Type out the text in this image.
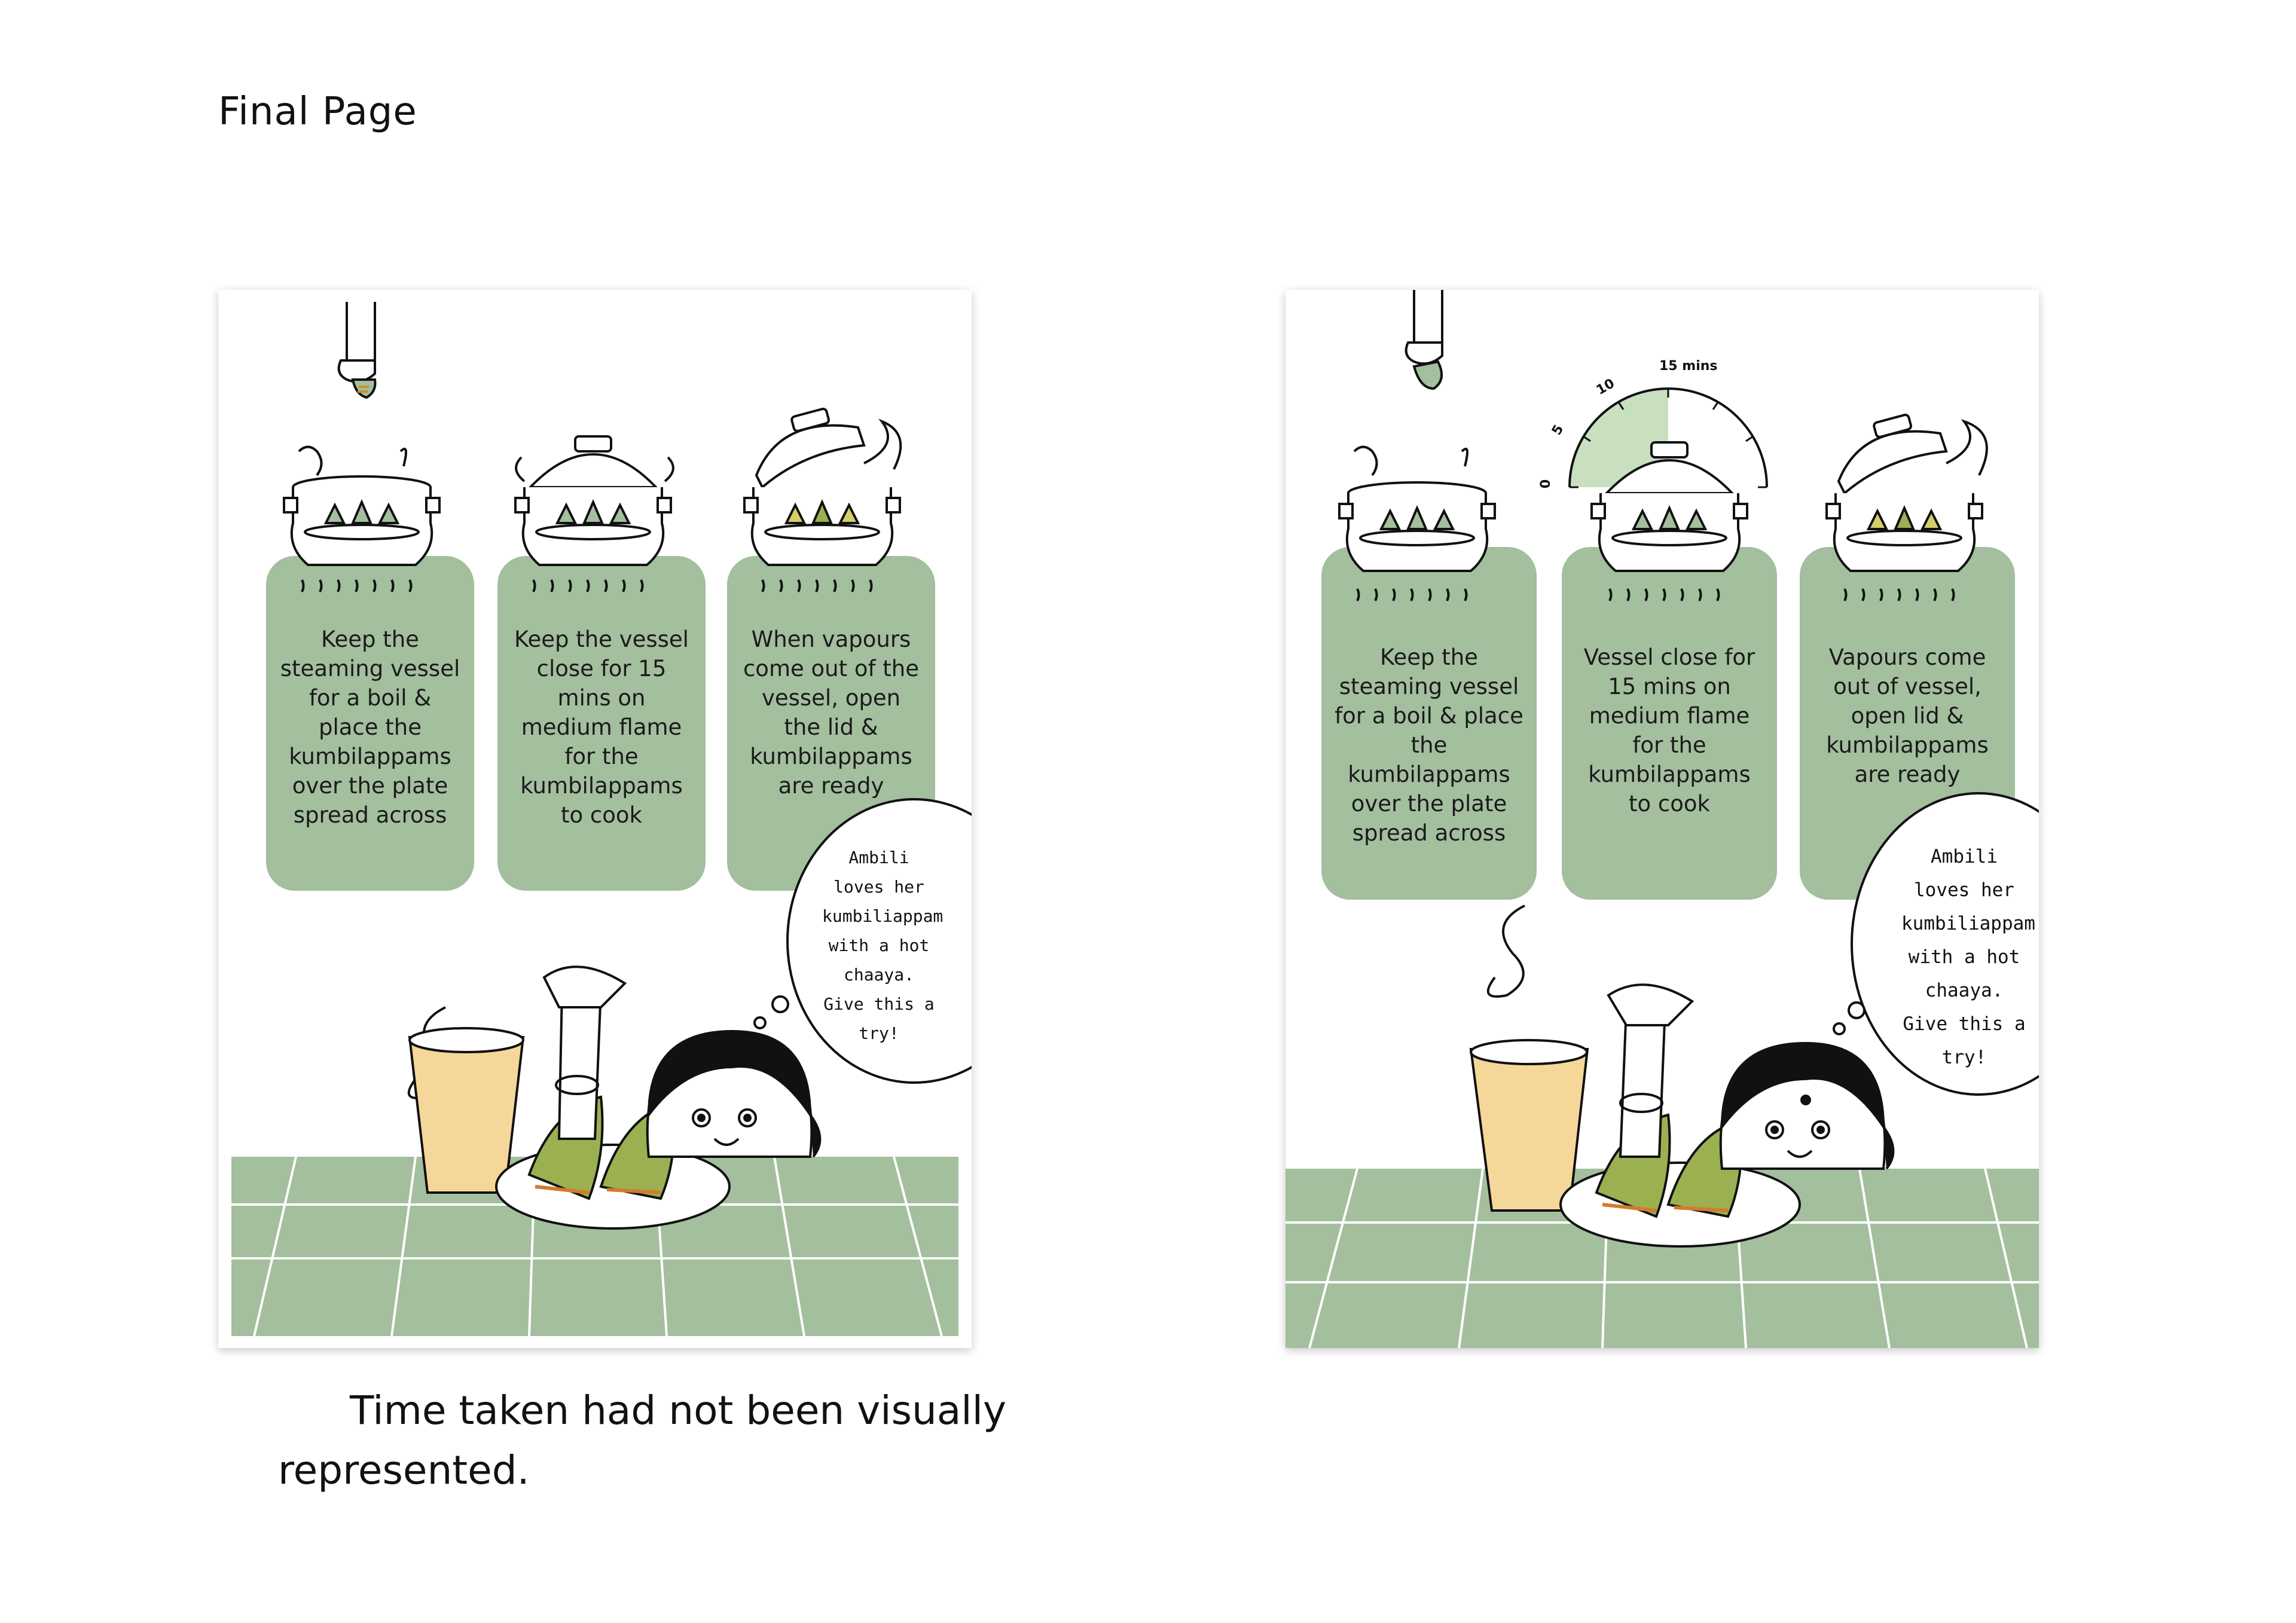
Final Page
Keep the steaming vessel for a boil & place the kumbilappams over the plate spread across
Keep the vessel close for 15 mins on medium flame for the kumbilappams to cook
When vapours come out of the vessel, open the lid & kumbilappams are ready
Ambili loves her kumbiliappam with a hot chaaya. Give this a try!
0
5
10
15 mins
Keep the steaming vessel for a boil & place the kumbilappams over the plate spread across
Vessel close for 15 mins on medium flame for the kumbilappams to cook
Vapours come out of vessel, open lid & kumbilappams are ready
Ambili loves her kumbiliappam with a hot chaaya. Give this a try!
Time taken had not been visually
represented.
